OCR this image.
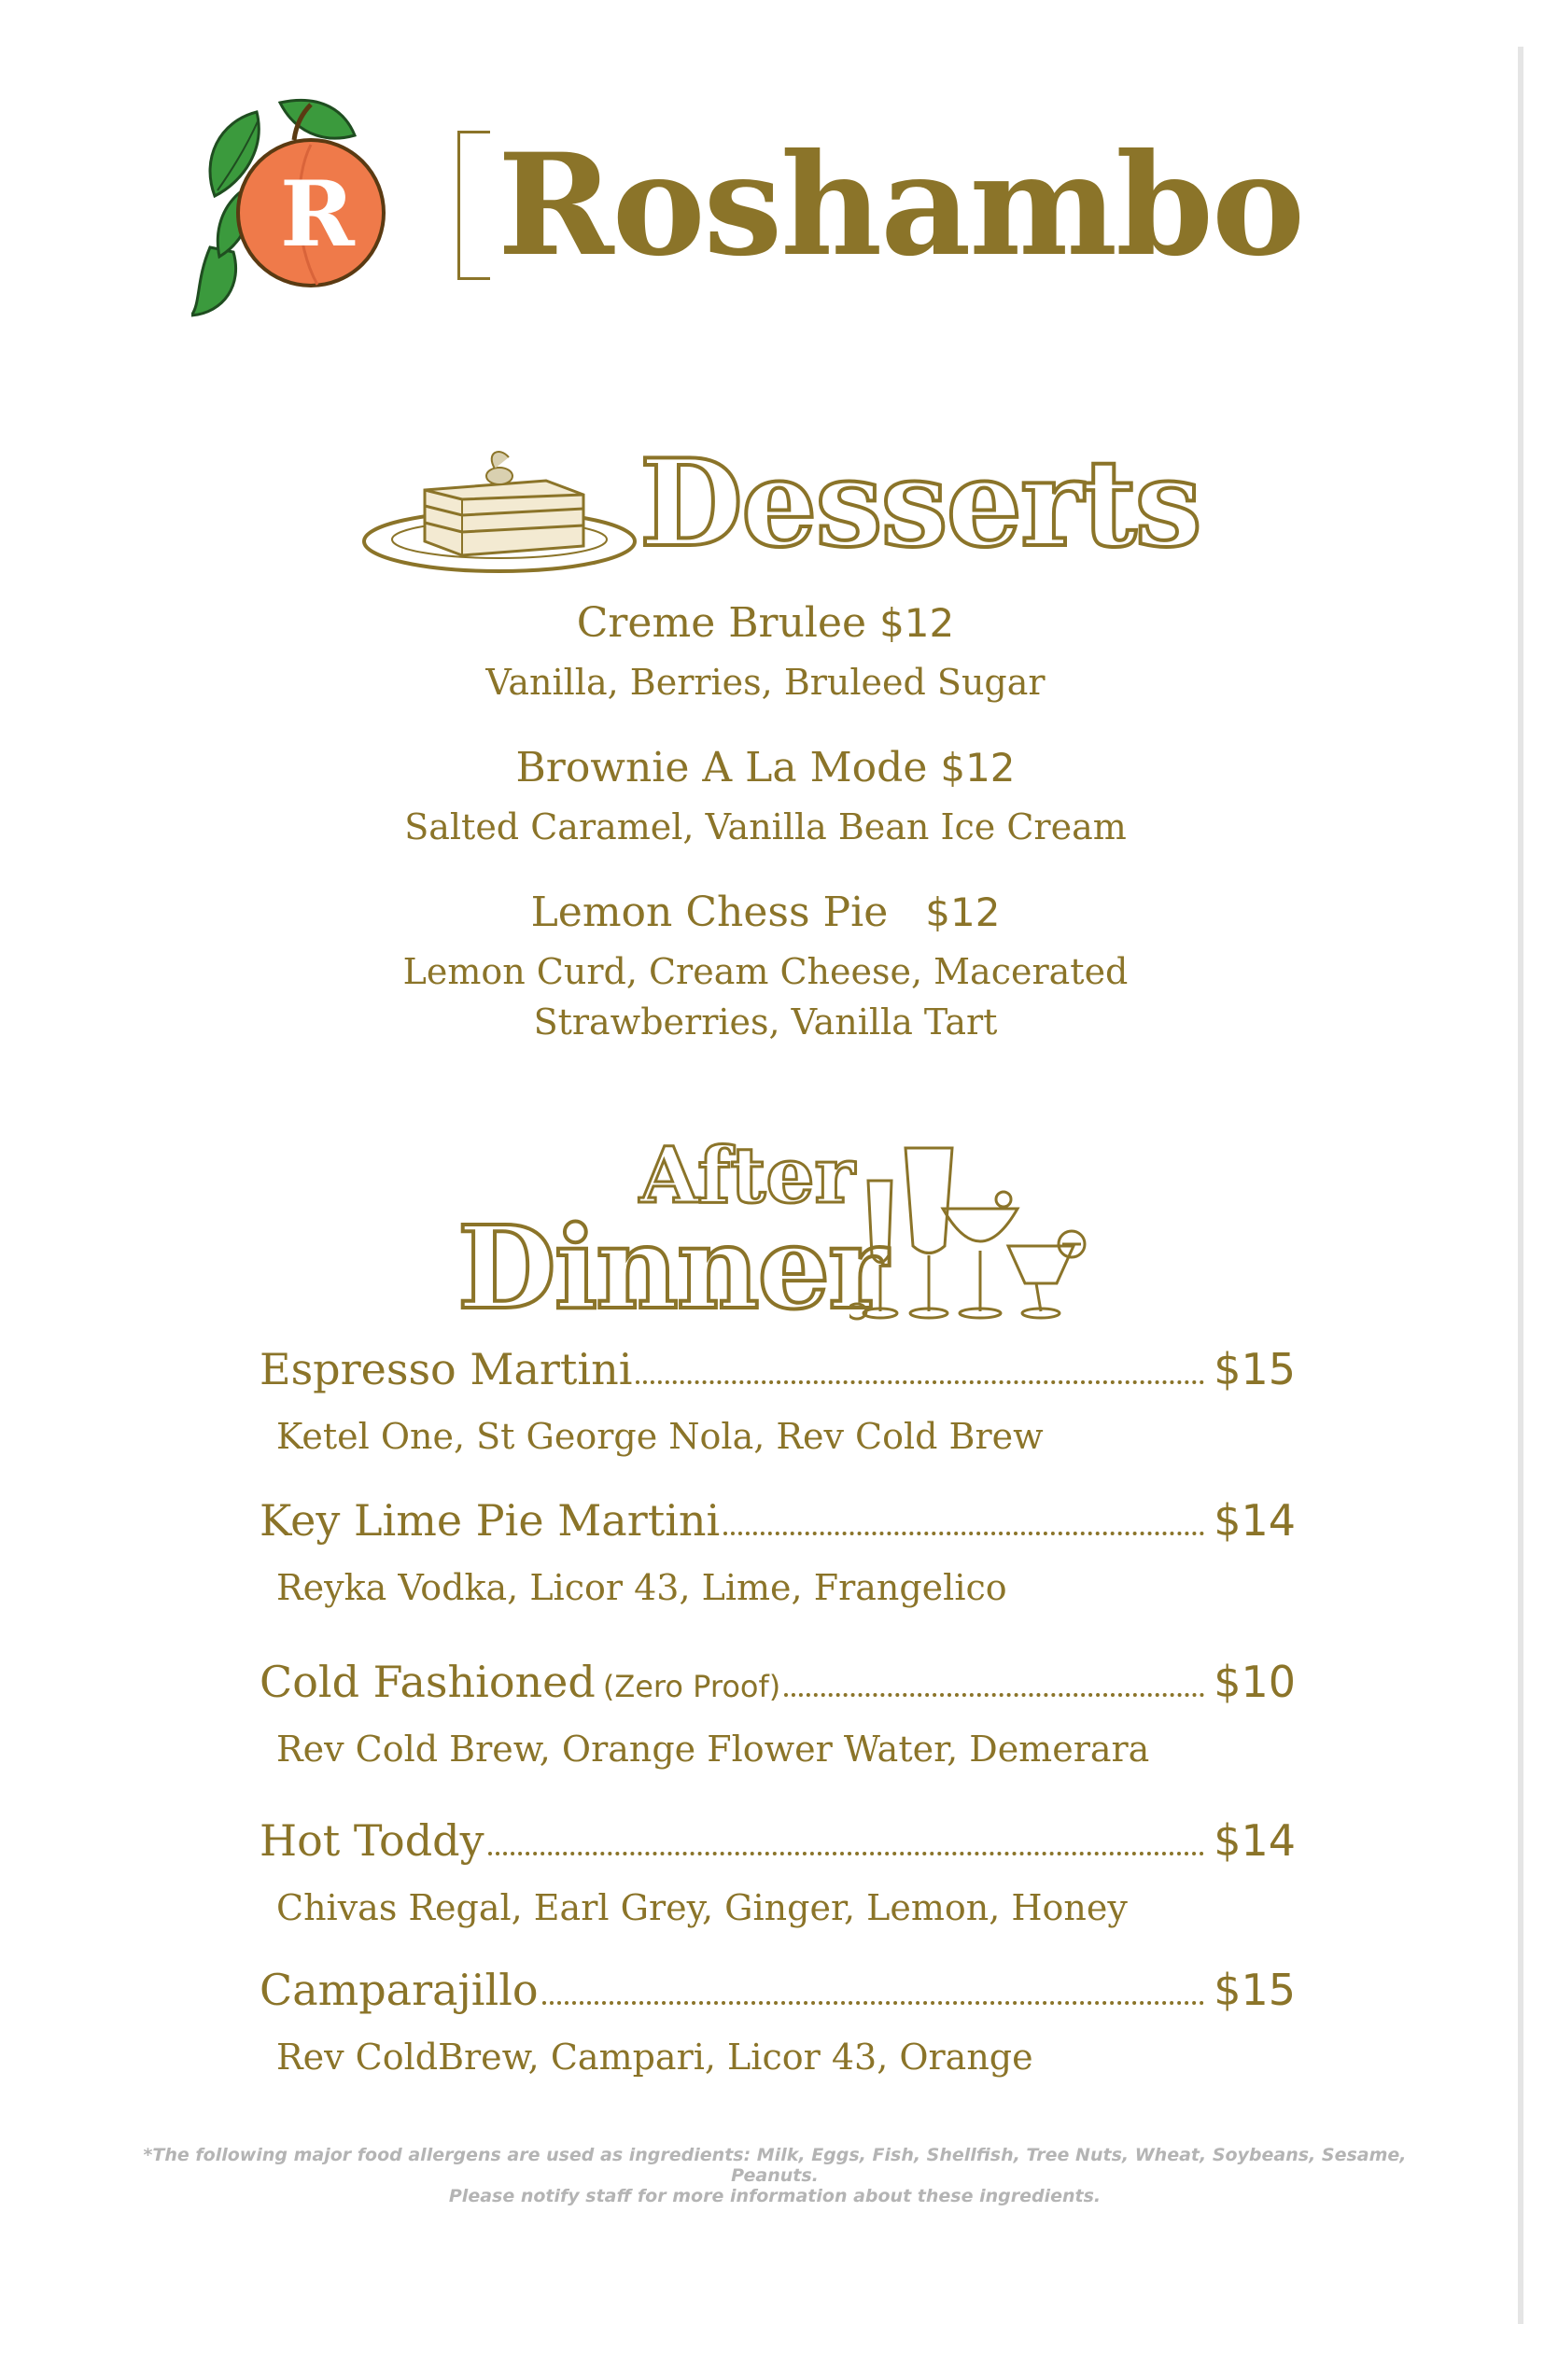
R Roshambo
Desserts
Creme Brulee $12
Vanilla, Berries, Bruleed Sugar
Brownie A La Mode $12
Salted Caramel, Vanilla Bean Ice Cream
Lemon Chess Pie $12
Lemon Curd, Cream Cheese, Macerated
Strawberries, Vanilla Tart
After
Dinner
Espresso Martini	$15
Ketel One, St George Nola, Rev Cold Brew
Key Lime Pie Martini	$14
Reyka Vodka, Licor 43, Lime, Frangelico
Cold Fashioned (Zero Proof)	$10
Rev Cold Brew, Orange Flower Water, Demerara
Hot Toddy	$14
Chivas Regal, Earl Grey, Ginger, Lemon, Honey
Camparajillo	$15
Rev ColdBrew, Campari, Licor 43, Orange
*The following major food allergens are used as ingredients: Milk, Eggs, Fish, Shellfish, Tree Nuts, Wheat, Soybeans, Sesame, Peanuts.
Please notify staff for more information about these ingredients.
